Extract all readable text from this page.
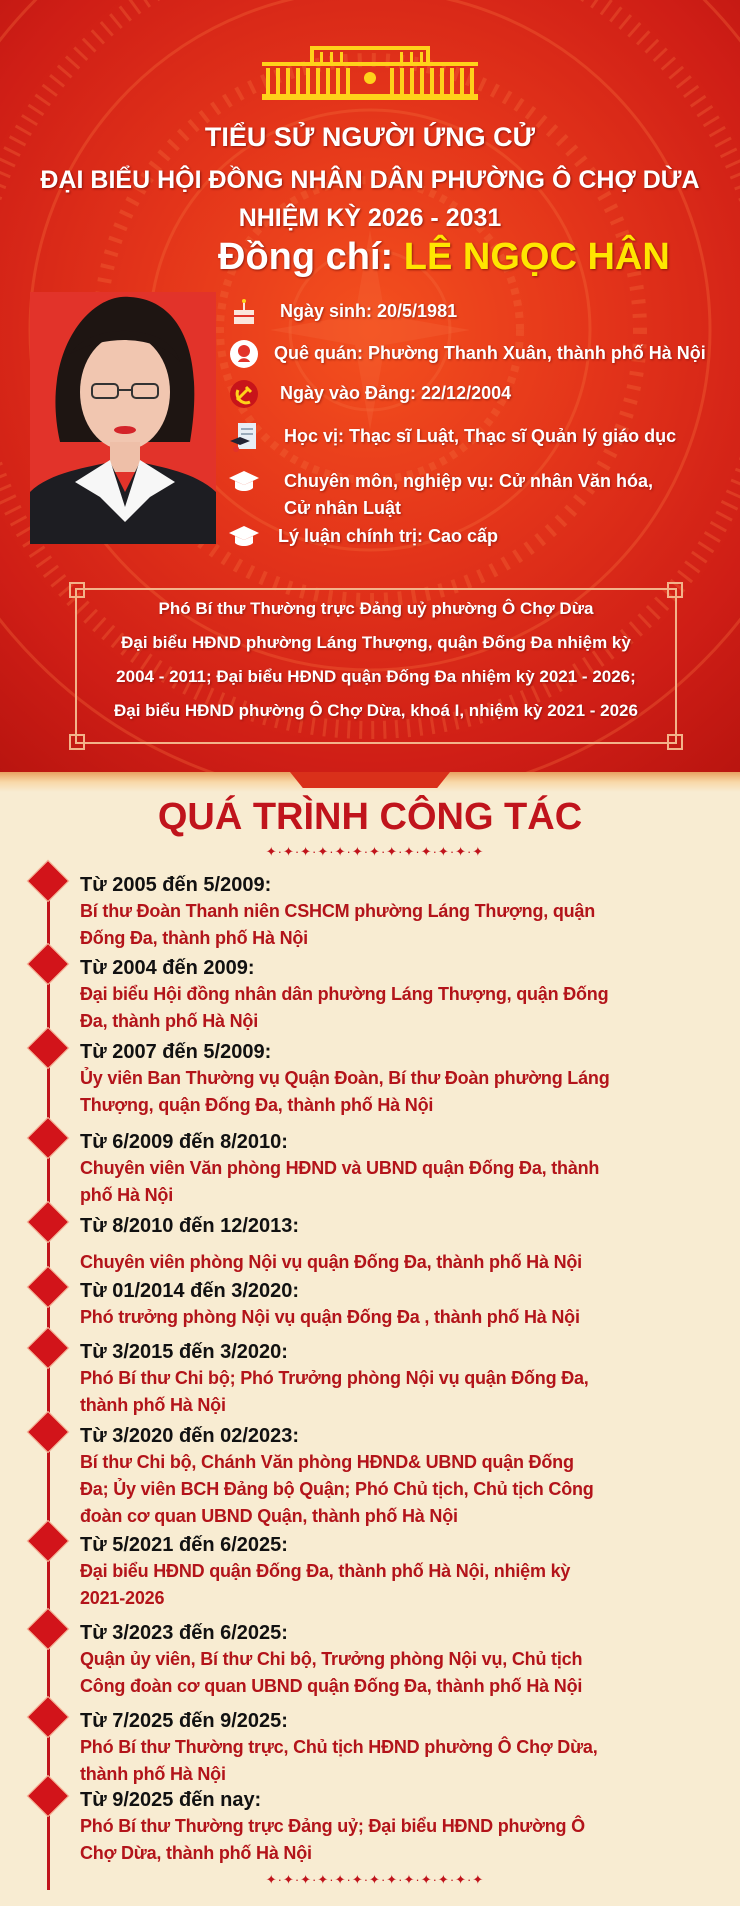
TIỂU SỬ NGƯỜI ỨNG CỬ
ĐẠI BIỂU HỘI ĐỒNG NHÂN DÂN PHƯỜNG Ô CHỢ DỪA
NHIỆM KỲ 2026 - 2031
Đồng chí: LÊ NGỌC HÂN
Ngày sinh: 20/5/1981
Quê quán: Phường Thanh Xuân, thành phố Hà Nội
Ngày vào Đảng: 22/12/2004
Học vị: Thạc sĩ Luật, Thạc sĩ Quản lý giáo dục
Chuyên môn, nghiệp vụ: Cử nhân Văn hóa,
Cử nhân Luật
Lý luận chính trị: Cao cấp
Phó Bí thư Thường trực Đảng uỷ phường Ô Chợ Dừa
Đại biểu HĐND phường Láng Thượng, quận Đống Đa nhiệm kỳ
2004 - 2011; Đại biểu HĐND quận Đống Đa nhiệm kỳ 2021 - 2026;
Đại biểu HĐND phường Ô Chợ Dừa, khoá I, nhiệm kỳ 2021 - 2026
QUÁ TRÌNH CÔNG TÁC
✦·✦·✦·✦·✦·✦·✦·✦·✦·✦·✦·✦·✦
Từ 2005 đến 5/2009:
Bí thư Đoàn Thanh niên CSHCM phường Láng Thượng, quận
Đống Đa, thành phố Hà Nội
Từ 2004 đến 2009:
Đại biểu Hội đồng nhân dân phường Láng Thượng, quận Đống
Đa, thành phố Hà Nội
Từ 2007 đến 5/2009:
Ủy viên Ban Thường vụ Quận Đoàn, Bí thư Đoàn phường Láng
Thượng, quận Đống Đa, thành phố Hà Nội
Từ 6/2009 đến 8/2010:
Chuyên viên Văn phòng HĐND và UBND quận Đống Đa, thành
phố Hà Nội
Từ 8/2010 đến 12/2013:
Chuyên viên phòng Nội vụ quận Đống Đa, thành phố Hà Nội
Từ 01/2014 đến 3/2020:
Phó trưởng phòng Nội vụ quận Đống Đa , thành phố Hà Nội
Từ 3/2015 đến 3/2020:
Phó Bí thư Chi bộ; Phó Trưởng phòng Nội vụ quận Đống Đa,
thành phố Hà Nội
Từ 3/2020 đến 02/2023:
Bí thư Chi bộ, Chánh Văn phòng HĐND& UBND quận Đống
Đa; Ủy viên BCH Đảng bộ Quận; Phó Chủ tịch, Chủ tịch Công
đoàn cơ quan UBND Quận, thành phố Hà Nội
Từ 5/2021 đến 6/2025:
Đại biểu HĐND quận Đống Đa, thành phố Hà Nội, nhiệm kỳ
2021-2026
Từ 3/2023 đến 6/2025:
Quận ủy viên, Bí thư Chi bộ, Trưởng phòng Nội vụ, Chủ tịch
Công đoàn cơ quan UBND quận Đống Đa, thành phố Hà Nội
Từ 7/2025 đến 9/2025:
Phó Bí thư Thường trực, Chủ tịch HĐND phường Ô Chợ Dừa,
thành phố Hà Nội
Từ 9/2025 đến nay:
Phó Bí thư Thường trực Đảng uỷ; Đại biểu HĐND phường Ô
Chợ Dừa, thành phố Hà Nội
✦·✦·✦·✦·✦·✦·✦·✦·✦·✦·✦·✦·✦
